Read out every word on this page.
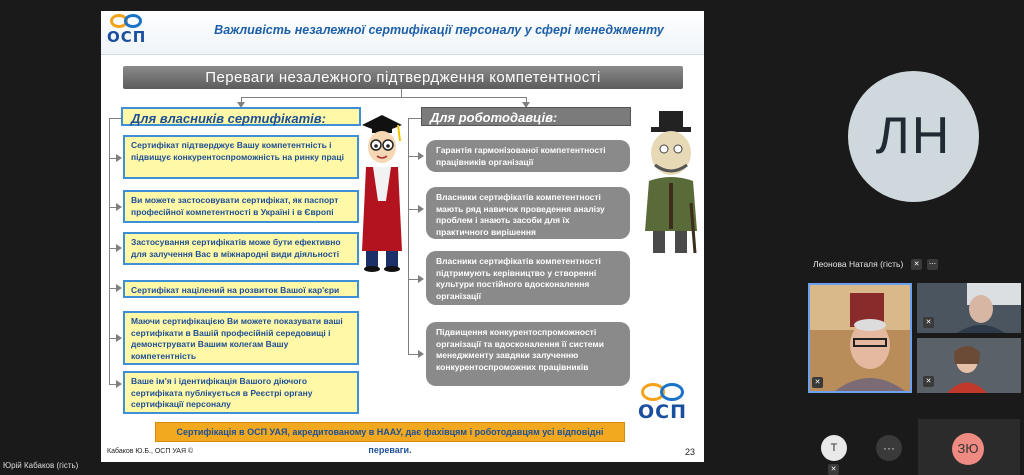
ОСП	Важливість незалежної сертифікації персоналу у сфері менеджменту
Переваги незалежного підтвердження компетентності
Для власників сертифікатів:	Для роботодавців:
Сертифікат підтверджує Вашу компетентність і підвищує конкурентоспроможність на ринку праці
Ви можете застосовувати сертифікат, як паспорт професійної компетентності в Україні і в Європі
Застосування сертифікатів може бути ефективно для залучення Вас в міжнародні види діяльності
Сертифікат націлений на розвиток Вашої кар'єри
Маючи сертифікацією Ви можете показувати ваші сертифікати в Вашій професійній середовищі і демонструвати Вашим колегам Вашу компетентність
Ваше ім'я і ідентифікація Вашого діючого сертифіката публікується в Реєстрі органу сертифікації персоналу
Гарантія гармонізованої компетентності працівників організації
Власники сертифікатів компетентності мають ряд навичок проведення аналізу проблем і знають засоби для їх практичного вирішення
Власники сертифікатів компетентності підтримують керівництво у створенні культури постійного вдосконалення організації
Підвищення конкурентоспроможності організації та вдосконалення її системи менеджменту завдяки залученню конкурентоспроможних працівників
ОСП
Сертифікація в ОСП УАЯ, акредитованому в НААУ, дає фахівцям і роботодавцям усі відповідні переваги.
Кабаков Ю.Б., ОСП УАЯ ©	23
ЛН
Леонова Наталя (гість)	✕	⋯
✕
✕
✕
Т
✕
···	ЗЮ
Юрій Кабаков (гість)
